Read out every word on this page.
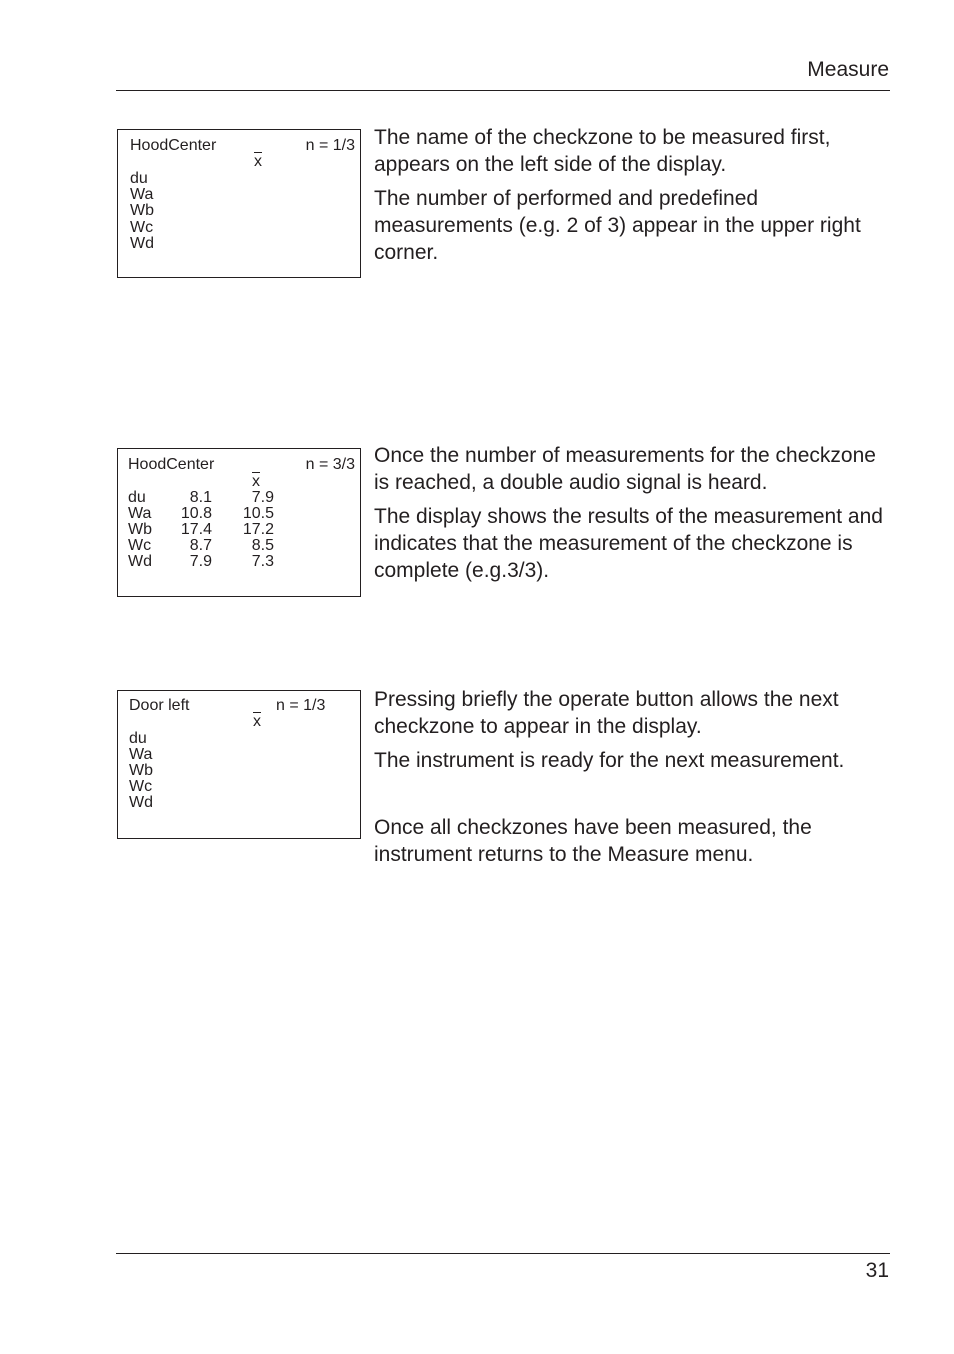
Measure
HoodCenter	n = 1/3
$\overline{x}$
du
Wa
Wb
Wc
Wd

The name of the checkzone to be measured first, appears on the left side of the display.

The number of performed and predefined measurements (e.g. 2 of 3) appear in the upper right corner.

HoodCenter	n = 3/3
$\overline{x}$
du	8.1	7.9
Wa	10.8	10.5
Wb	17.4	17.2
Wc	8.7	8.5
Wd	7.9	7.3

Once the number of measurements for the checkzone is reached, a double audio signal is heard.

The display shows the results of the measurement and indicates that the measurement of the checkzone is complete (e.g.3/3).

Door left	n = 1/3
$\overline{x}$
du
Wa
Wb
Wc
Wd

Pressing briefly the operate button allows the next checkzone to appear in the display.

The instrument is ready for the next measurement.

Once all checkzones have been measured, the instrument returns to the Measure menu.

31
